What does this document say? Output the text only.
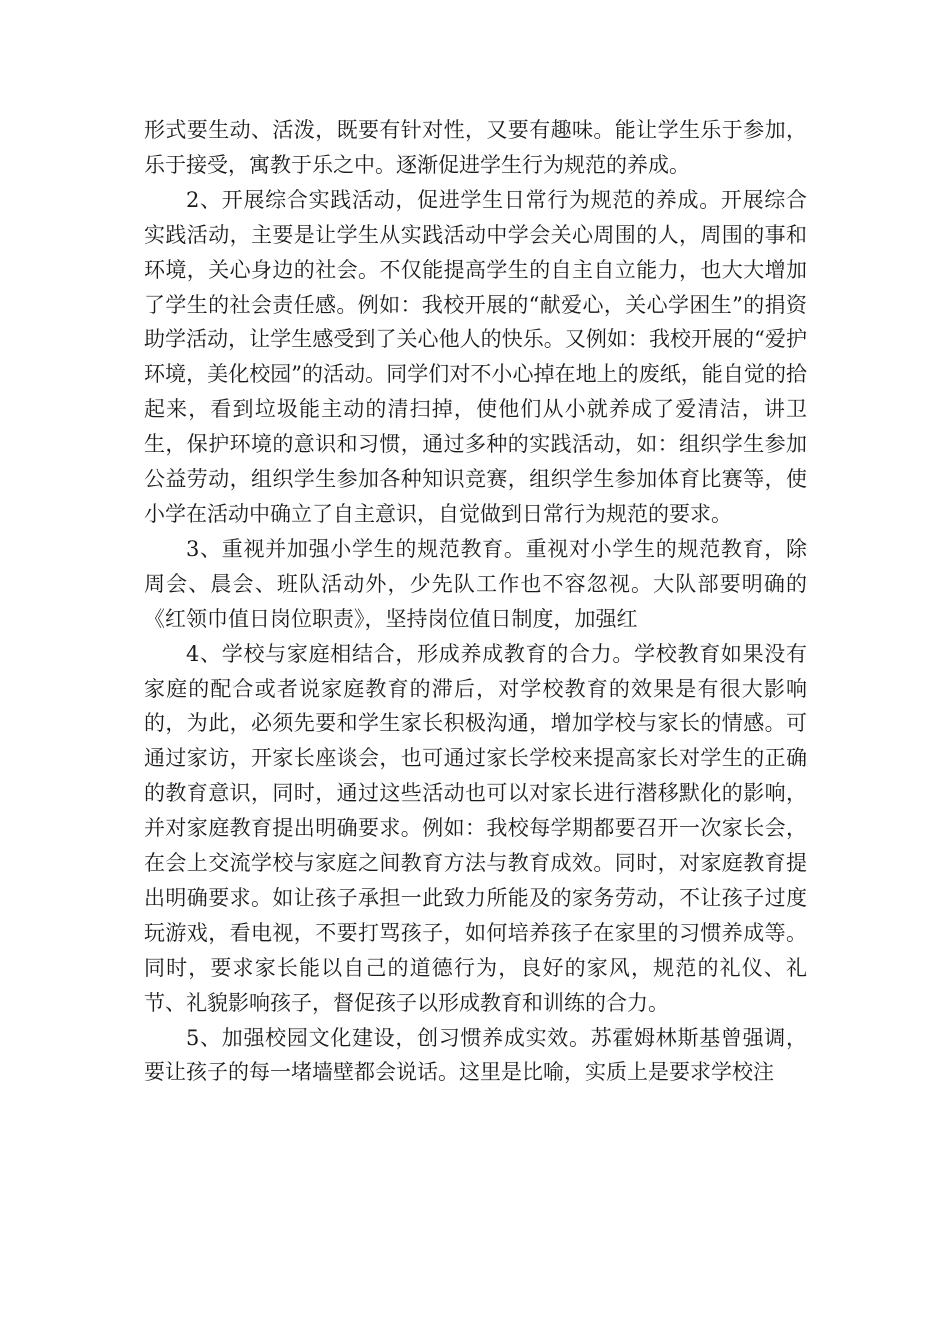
形式要生动、活泼，既要有针对性，又要有趣味。能让学生乐于参加，乐于接受，寓教于乐之中。逐渐促进学生行为规范的养成。

2、开展综合实践活动，促进学生日常行为规范的养成。开展综合实践活动，主要是让学生从实践活动中学会关心周围的人，周围的事和环境，关心身边的社会。不仅能提高学生的自主自立能力，也大大增加了学生的社会责任感。例如：我校开展的“献爱心，关心学困生”的捐资助学活动，让学生感受到了关心他人的快乐。又例如：我校开展的“爱护环境，美化校园”的活动。同学们对不小心掉在地上的废纸，能自觉的拾起来，看到垃圾能主动的清扫掉，使他们从小就养成了爱清洁，讲卫生，保护环境的意识和习惯，通过多种的实践活动，如：组织学生参加公益劳动，组织学生参加各种知识竞赛，组织学生参加体育比赛等，使小学在活动中确立了自主意识，自觉做到日常行为规范的要求。

3、重视并加强小学生的规范教育。重视对小学生的规范教育，除周会、晨会、班队活动外，少先队工作也不容忽视。大队部要明确的《红领巾值日岗位职责》，坚持岗位值日制度，加强红

4、学校与家庭相结合，形成养成教育的合力。学校教育如果没有家庭的配合或者说家庭教育的滞后，对学校教育的效果是有很大影响的，为此，必须先要和学生家长积极沟通，增加学校与家长的情感。可通过家访，开家长座谈会，也可通过家长学校来提高家长对学生的正确的教育意识，同时，通过这些活动也可以对家长进行潜移默化的影响，并对家庭教育提出明确要求。例如：我校每学期都要召开一次家长会，在会上交流学校与家庭之间教育方法与教育成效。同时，对家庭教育提出明确要求。如让孩子承担一此致力所能及的家务劳动，不让孩子过度玩游戏，看电视，不要打骂孩子，如何培养孩子在家里的习惯养成等。同时，要求家长能以自己的道德行为，良好的家风，规范的礼仪、礼节、礼貌影响孩子，督促孩子以形成教育和训练的合力。

5、加强校园文化建设，创习惯养成实效。苏霍姆林斯基曾强调，要让孩子的每一堵墙壁都会说话。这里是比喻，实质上是要求学校注
